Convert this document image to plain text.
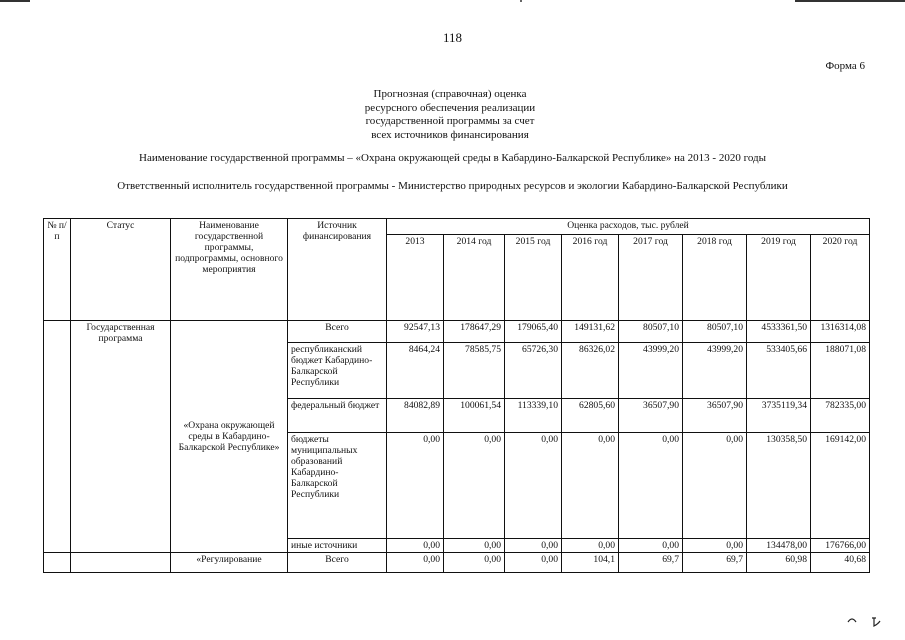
118
Форма 6
Прогнозная (справочная) оценка
ресурсного обеспечения реализации
государственной программы за счет
всех источников финансирования
Наименование государственной программы – «Охрана окружающей среды в Кабардино-Балкарской Республике» на 2013 - 2020 годы
Ответственный исполнитель государственной программы - Министерство природных ресурсов и экологии Кабардино-Балкарской Республики
№ п/п	Статус	Наименование государственной программы, подпрограммы, основного мероприятия	Источник финансирования	Оценка расходов, тыс. рублей							
				2013	2014 год	2015 год	2016 год	2017 год	2018 год	2019 год	2020 год
	Государственная программа	«Охрана окружающей среды в Кабардино-Балкарской Республике»	Всего	92547,13	178647,29	179065,40	149131,62	80507,10	80507,10	4533361,50	1316314,08
			республиканский бюджет Кабардино-Балкарской Республики	8464,24	78585,75	65726,30	86326,02	43999,20	43999,20	533405,66	188071,08
			федеральный бюджет	84082,89	100061,54	113339,10	62805,60	36507,90	36507,90	3735119,34	782335,00
			бюджеты муниципальных образований Кабардино-Балкарской Республики	0,00	0,00	0,00	0,00	0,00	0,00	130358,50	169142,00
			иные источники	0,00	0,00	0,00	0,00	0,00	0,00	134478,00	176766,00
		«Регулирование	Всего	0,00	0,00	0,00	104,1	69,7	69,7	60,98	40,68
